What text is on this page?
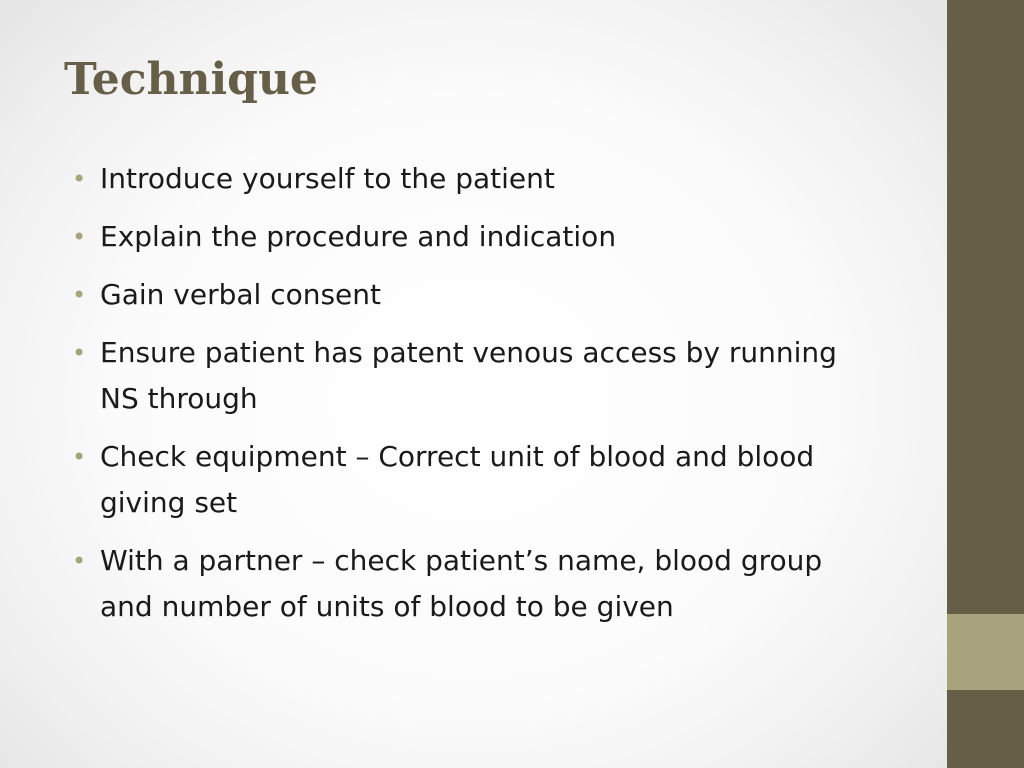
Technique
• Introduce yourself to the patient
• Explain the procedure and indication
• Gain verbal consent
• Ensure patient has patent venous access by running NS through
• Check equipment – Correct unit of blood and blood giving set
• With a partner – check patient’s name, blood group and number of units of blood to be given
